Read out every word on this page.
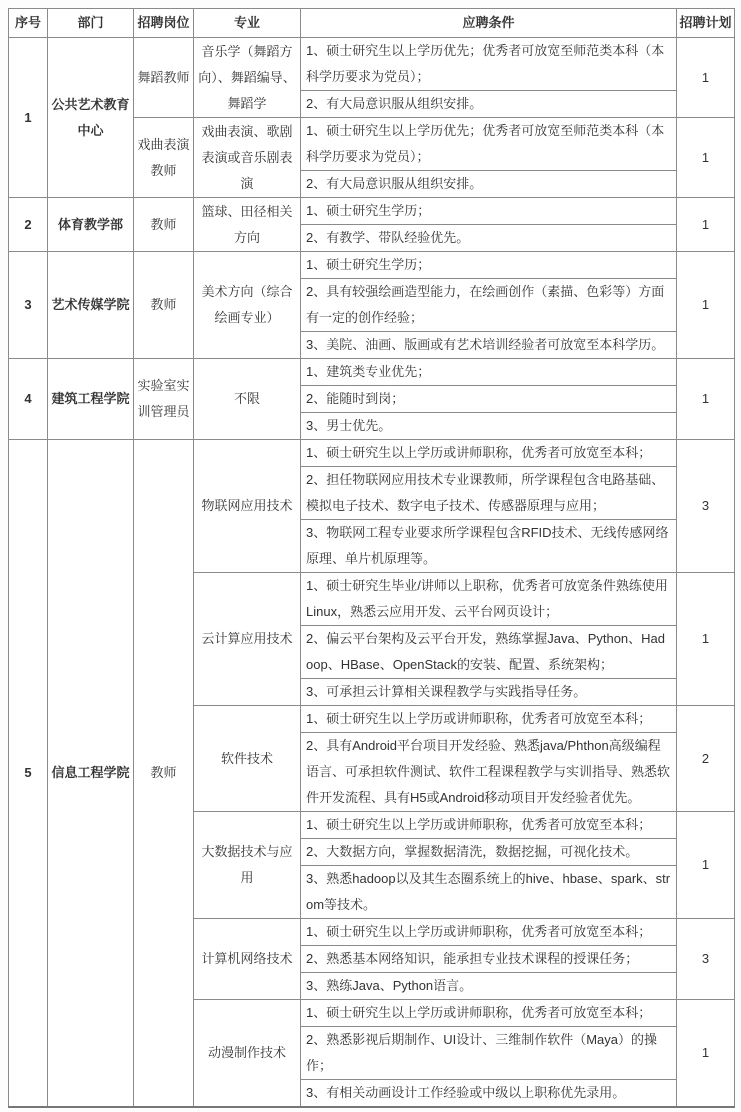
序号	部门	招聘岗位	专业	应聘条件	招聘计划
1	公共艺术教育中心	舞蹈教师	音乐学（舞蹈方向）、舞蹈编导、舞蹈学	1、硕士研究生以上学历优先；优秀者可放宽至师范类本科（本科学历要求为党员）；	1
				2、有大局意识服从组织安排。	
		戏曲表演教师	戏曲表演、歌剧表演或音乐剧表演	1、硕士研究生以上学历优先；优秀者可放宽至师范类本科（本科学历要求为党员）；	1
				2、有大局意识服从组织安排。	
2	体育教学部	教师	篮球、田径相关方向	1、硕士研究生学历；	1
				2、有教学、带队经验优先。	
3	艺术传媒学院	教师	美术方向（综合绘画专业）	1、硕士研究生学历；	1
				2、具有较强绘画造型能力，在绘画创作（素描、色彩等）方面有一定的创作经验；	
				3、美院、油画、版画或有艺术培训经验者可放宽至本科学历。	
4	建筑工程学院	实验室实训管理员	不限	1、建筑类专业优先；	1
				2、能随时到岗；	
				3、男士优先。	
5	信息工程学院	教师	物联网应用技术	1、硕士研究生以上学历或讲师职称，优秀者可放宽至本科；	3
				2、担任物联网应用技术专业课教师，所学课程包含电路基础、模拟电子技术、数字电子技术、传感器原理与应用；	
				3、物联网工程专业要求所学课程包含RFID技术、无线传感网络原理、单片机原理等。	
			云计算应用技术	1、硕士研究生毕业/讲师以上职称，优秀者可放宽条件熟练使用Linux，熟悉云应用开发、云平台网页设计；	1
				2、偏云平台架构及云平台开发，熟练掌握Java、Python、Hadoop、HBase、OpenStack的安装、配置、系统架构；	
				3、可承担云计算相关课程教学与实践指导任务。	
			软件技术	1、硕士研究生以上学历或讲师职称，优秀者可放宽至本科；	2
				2、具有Android平台项目开发经验、熟悉java/Phthon高级编程语言、可承担软件测试、软件工程课程教学与实训指导、熟悉软件开发流程、具有H5或Android移动项目开发经验者优先。	
			大数据技术与应用	1、硕士研究生以上学历或讲师职称，优秀者可放宽至本科；	1
				2、大数据方向，掌握数据清洗，数据挖掘，可视化技术。	
				3、熟悉hadoop以及其生态圈系统上的hive、hbase、spark、strom等技术。	
			计算机网络技术	1、硕士研究生以上学历或讲师职称，优秀者可放宽至本科；	3
				2、熟悉基本网络知识，能承担专业技术课程的授课任务；	
				3、熟练Java、Python语言。	
			动漫制作技术	1、硕士研究生以上学历或讲师职称，优秀者可放宽至本科；	1
				2、熟悉影视后期制作、UI设计、三维制作软件（Maya）的操作；	
				3、有相关动画设计工作经验或中级以上职称优先录用。	
